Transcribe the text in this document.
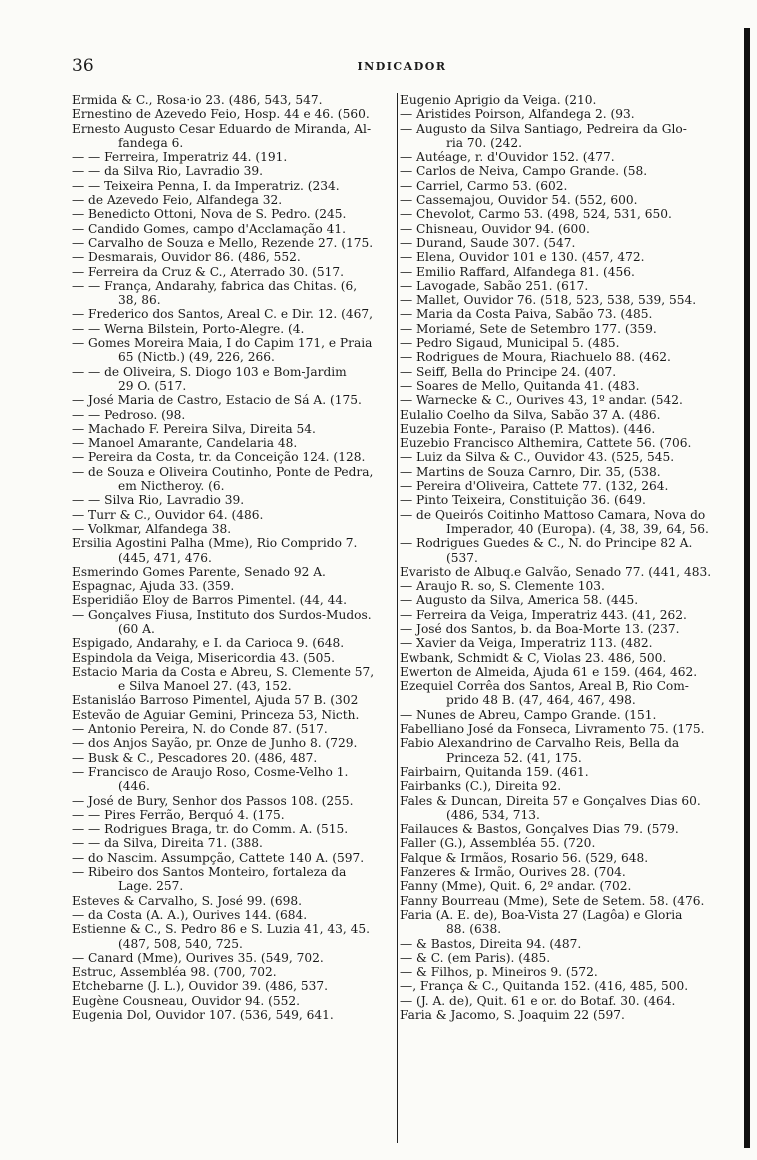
36	INDICADOR
Ermida & C., Rosa·io 23. (486, 543, 547.
Ernestino de Azevedo Feio, Hosp. 44 e 46. (560.
Ernesto Augusto Cesar Eduardo de Miranda, Al-
fandega 6.
— — Ferreira, Imperatriz 44. (191.
— — da Silva Rio, Lavradio 39.
— — Teixeira Penna, I. da Imperatriz. (234.
— de Azevedo Feio, Alfandega 32.
— Benedicto Ottoni, Nova de S. Pedro. (245.
— Candido Gomes, campo d'Acclamação 41.
— Carvalho de Souza e Mello, Rezende 27. (175.
— Desmarais, Ouvidor 86. (486, 552.
— Ferreira da Cruz & C., Aterrado 30. (517.
— — França, Andarahy, fabrica das Chitas. (6,
38, 86.
— Frederico dos Santos, Areal C. e Dir. 12. (467,
— — Werna Bilstein, Porto-Alegre. (4.
— Gomes Moreira Maia, I do Capim 171, e Praia
65 (Nictb.) (49, 226, 266.
— — de Oliveira, S. Diogo 103 e Bom-Jardim
29 O. (517.
— José Maria de Castro, Estacio de Sá A. (175.
— — Pedroso. (98.
— Machado F. Pereira Silva, Direita 54.
— Manoel Amarante, Candelaria 48.
— Pereira da Costa, tr. da Conceição 124. (128.
— de Souza e Oliveira Coutinho, Ponte de Pedra,
em Nictheroy. (6.
— — Silva Rio, Lavradio 39.
— Turr & C., Ouvidor 64. (486.
— Volkmar, Alfandega 38.
Ersilia Agostini Palha (Mme), Rio Comprido 7.
(445, 471, 476.
Esmerindo Gomes Parente, Senado 92 A.
Espagnac, Ajuda 33. (359.
Esperidião Eloy de Barros Pimentel. (44, 44.
— Gonçalves Fiusa, Instituto dos Surdos-Mudos.
(60 A.
Espigado, Andarahy, e I. da Carioca 9. (648.
Espindola da Veiga, Misericordia 43. (505.
Estacio Maria da Costa e Abreu, S. Clemente 57,
e Silva Manoel 27. (43, 152.
Estanisláo Barroso Pimentel, Ajuda 57 B. (302
Estevão de Aguiar Gemini, Princeza 53, Nicth.
— Antonio Pereira, N. do Conde 87. (517.
— dos Anjos Sayão, pr. Onze de Junho 8. (729.
— Busk & C., Pescadores 20. (486, 487.
— Francisco de Araujo Roso, Cosme-Velho 1.
(446.
— José de Bury, Senhor dos Passos 108. (255.
— — Pires Ferrão, Berquó 4. (175.
— — Rodrigues Braga, tr. do Comm. A. (515.
— — da Silva, Direita 71. (388.
— do Nascim. Assumpção, Cattete 140 A. (597.
— Ribeiro dos Santos Monteiro, fortaleza da
Lage. 257.
Esteves & Carvalho, S. José 99. (698.
— da Costa (A. A.), Ourives 144. (684.
Estienne & C., S. Pedro 86 e S. Luzia 41, 43, 45.
(487, 508, 540, 725.
— Canard (Mme), Ourives 35. (549, 702.
Estruc, Assembléa 98. (700, 702.
Etchebarne (J. L.), Ouvidor 39. (486, 537.
Eugène Cousneau, Ouvidor 94. (552.
Eugenia Dol, Ouvidor 107. (536, 549, 641.
Eugenio Aprigio da Veiga. (210.
— Aristides Poirson, Alfandega 2. (93.
— Augusto da Silva Santiago, Pedreira da Glo-
ria 70. (242.
— Autéage, r. d'Ouvidor 152. (477.
— Carlos de Neiva, Campo Grande. (58.
— Carriel, Carmo 53. (602.
— Cassemajou, Ouvidor 54. (552, 600.
— Chevolot, Carmo 53. (498, 524, 531, 650.
— Chisneau, Ouvidor 94. (600.
— Durand, Saude 307. (547.
— Elena, Ouvidor 101 e 130. (457, 472.
— Emilio Raffard, Alfandega 81. (456.
— Lavogade, Sabão 251. (617.
— Mallet, Ouvidor 76. (518, 523, 538, 539, 554.
— Maria da Costa Paiva, Sabão 73. (485.
— Moriamé, Sete de Setembro 177. (359.
— Pedro Sigaud, Municipal 5. (485.
— Rodrigues de Moura, Riachuelo 88. (462.
— Seiff, Bella do Principe 24. (407.
— Soares de Mello, Quitanda 41. (483.
— Warnecke & C., Ourives 43, 1º andar. (542.
Eulalio Coelho da Silva, Sabão 37 A. (486.
Euzebia Fonte-, Paraiso (P. Mattos). (446.
Euzebio Francisco Althemira, Cattete 56. (706.
— Luiz da Silva & C., Ouvidor 43. (525, 545.
— Martins de Souza Carnro, Dir. 35, (538.
— Pereira d'Oliveira, Cattete 77. (132, 264.
— Pinto Teixeira, Constituição 36. (649.
— de Queirós Coitinho Mattoso Camara, Nova do
Imperador, 40 (Europa). (4, 38, 39, 64, 56.
— Rodrigues Guedes & C., N. do Principe 82 A.
(537.
Evaristo de Albuq.e Galvão, Senado 77. (441, 483.
— Araujo R. so, S. Clemente 103.
— Augusto da Silva, America 58. (445.
— Ferreira da Veiga, Imperatriz 443. (41, 262.
— José dos Santos, b. da Boa-Morte 13. (237.
— Xavier da Veiga, Imperatriz 113. (482.
Ewbank, Schmidt & C, Violas 23. 486, 500.
Ewerton de Almeida, Ajuda 61 e 159. (464, 462.
Ezequiel Corrêa dos Santos, Areal B, Rio Com-
prido 48 B. (47, 464, 467, 498.
— Nunes de Abreu, Campo Grande. (151.
Fabelliano José da Fonseca, Livramento 75. (175.
Fabio Alexandrino de Carvalho Reis, Bella da
Princeza 52. (41, 175.
Fairbairn, Quitanda 159. (461.
Fairbanks (C.), Direita 92.
Fales & Duncan, Direita 57 e Gonçalves Dias 60.
(486, 534, 713.
Failauces & Bastos, Gonçalves Dias 79. (579.
Faller (G.), Assembléa 55. (720.
Falque & Irmãos, Rosario 56. (529, 648.
Fanzeres & Irmão, Ourives 28. (704.
Fanny (Mme), Quit. 6, 2º andar. (702.
Fanny Bourreau (Mme), Sete de Setem. 58. (476.
Faria (A. E. de), Boa-Vista 27 (Lagôa) e Gloria
88. (638.
— & Bastos, Direita 94. (487.
— & C. (em Paris). (485.
— & Filhos, p. Mineiros 9. (572.
—, França & C., Quitanda 152. (416, 485, 500.
— (J. A. de), Quit. 61 e or. do Botaf. 30. (464.
Faria & Jacomo, S. Joaquim 22 (597.
